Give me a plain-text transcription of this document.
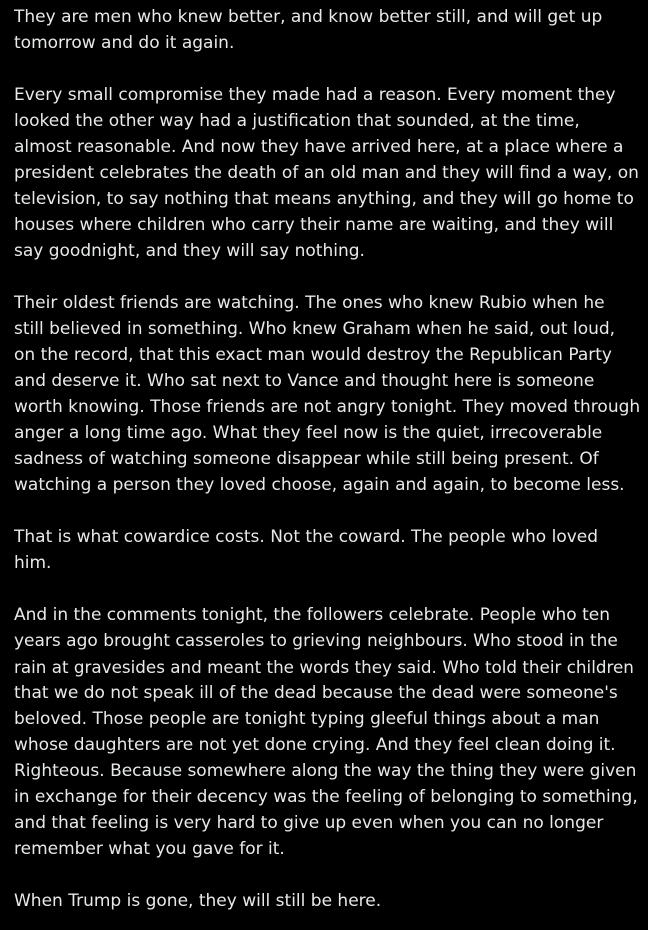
They are men who knew better, and know better still, and will get up
tomorrow and do it again.

Every small compromise they made had a reason. Every moment they
looked the other way had a justification that sounded, at the time,
almost reasonable. And now they have arrived here, at a place where a
president celebrates the death of an old man and they will find a way, on
television, to say nothing that means anything, and they will go home to
houses where children who carry their name are waiting, and they will
say goodnight, and they will say nothing.

Their oldest friends are watching. The ones who knew Rubio when he
still believed in something. Who knew Graham when he said, out loud,
on the record, that this exact man would destroy the Republican Party
and deserve it. Who sat next to Vance and thought here is someone
worth knowing. Those friends are not angry tonight. They moved through
anger a long time ago. What they feel now is the quiet, irrecoverable
sadness of watching someone disappear while still being present. Of
watching a person they loved choose, again and again, to become less.

That is what cowardice costs. Not the coward. The people who loved
him.

And in the comments tonight, the followers celebrate. People who ten
years ago brought casseroles to grieving neighbours. Who stood in the
rain at gravesides and meant the words they said. Who told their children
that we do not speak ill of the dead because the dead were someone's
beloved. Those people are tonight typing gleeful things about a man
whose daughters are not yet done crying. And they feel clean doing it.
Righteous. Because somewhere along the way the thing they were given
in exchange for their decency was the feeling of belonging to something,
and that feeling is very hard to give up even when you can no longer
remember what you gave for it.

When Trump is gone, they will still be here.
